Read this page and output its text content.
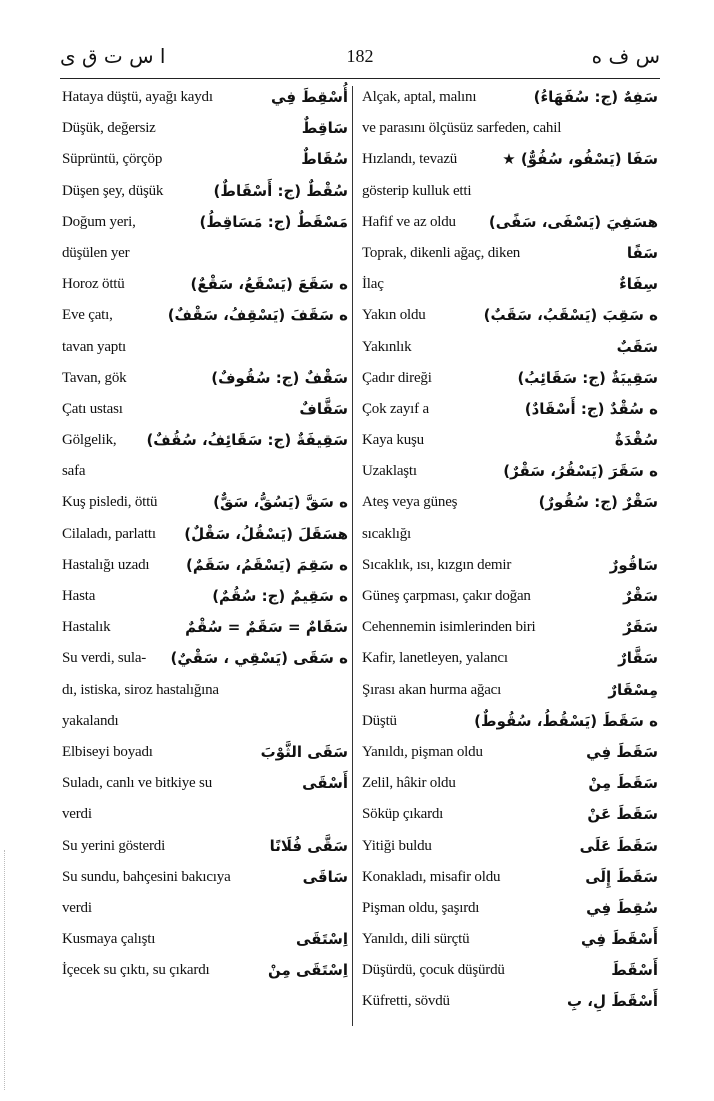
ا س ت ق ى	182	س ف ه
Hataya düştü, ayağı kaydı	أُسْقِطَ فِي
Düşük, değersiz	سَاقِطٌ
Süprüntü, çörçöp	سُقَاطٌ
Düşen şey, düşük	سُقْطٌ (ج: أَسْقَاطٌ)
Doğum yeri,	مَسْقَطٌ (ج: مَسَاقِطُ)
düşülen yer
Horoz öttü	ه سَقَعَ (يَسْقَعُ، سَقْعٌ)
Eve çatı,	ه سَقَفَ (يَسْقِفُ، سَقْفٌ)
tavan yaptı
Tavan, gök	سَقْفٌ (ج: سُقُوفٌ)
Çatı ustası	سَقَّافٌ
Gölgelik, سَقِيفَةٌ (ج: سَقَائِفُ، سُقُفٌ)
safa
Kuş pisledi, öttü	ه سَقَّ (يَسُقُّ، سَقٌّ)
Cilaladı, parlattı هسَقَلَ (يَسْقُلُ، سَقْلٌ)
Hastalığı uzadı ه سَقِمَ (يَسْقَمُ، سَقَمٌ)
Hasta	ه سَقِيمٌ (ج: سُقُمٌ)
Hastalık	سَقَامٌ = سَقَمٌ = سُقْمٌ
Su verdi, sula- ه سَقَى (يَسْقِي ، سَقْيٌ)
dı, istiska, siroz hastalığına
yakalandı
Elbiseyi boyadı	سَقَى الثَّوْبَ
Suladı, canlı ve bitkiye su	أَسْقَى
verdi
Su yerini gösterdi	سَقَّى فُلَانًا
Su sundu, bahçesini bakıcıya	سَاقَى
verdi
Kusmaya çalıştı	اِسْتَقَى
İçecek su çıktı, su çıkardı	اِسْتَقَى مِنْ
Alçak, aptal, malını	سَفِهٌ (ج: سُفَهَاءُ)
ve parasını ölçüsüz sarfeden, cahil
Hızlandı, tevazü	سَفَا (يَسْفُو، سُفُوٌّ) ★
gösterip kulluk etti
Hafif ve az oldu هسَفِيَ (يَسْفَى، سَفًى)
Toprak, dikenli ağaç, diken	سَفًا
İlaç	سِفَاءٌ
Yakın oldu	ه سَقِبَ (يَسْقَبُ، سَقَبٌ)
Yakınlık	سَقَبٌ
Çadır direği	سَقِيبَةٌ (ج: سَقَائِبُ)
Çok zayıf a	ه سُقْدٌ (ج: أَسْقَادٌ)
Kaya kuşu	سُقْدَةٌ
Uzaklaştı	ه سَقَرَ (يَسْقُرُ، سَقْرٌ)
Ateş veya güneş	سَقْرٌ (ج: سُقُورٌ)
sıcaklığı
Sıcaklık, ısı, kızgın demir	سَاقُورٌ
Güneş çarpması, çakır doğan	سَقْرٌ
Cehennemin isimlerinden biri	سَقَرٌ
Kafir, lanetleyen, yalancı	سَقَّارٌ
Şırası akan hurma ağacı	مِسْقَارٌ
Düştü	ه سَقَطَ (يَسْقُطُ، سُقُوطٌ)
Yanıldı, pişman oldu	سَقَطَ فِي
Zelil, hâkir oldu	سَقَطَ مِنْ
Söküp çıkardı	سَقَطَ عَنْ
Yitiği buldu	سَقَطَ عَلَى
Konakladı, misafir oldu	سَقَطَ إِلَى
Pişman oldu, şaşırdı	سُقِطَ فِي
Yanıldı, dili sürçtü	أَسْقَطَ فِي
Düşürdü, çocuk düşürdü	أَسْقَطَ
Küfretti, sövdü	أَسْقَطَ لِ، بِ
